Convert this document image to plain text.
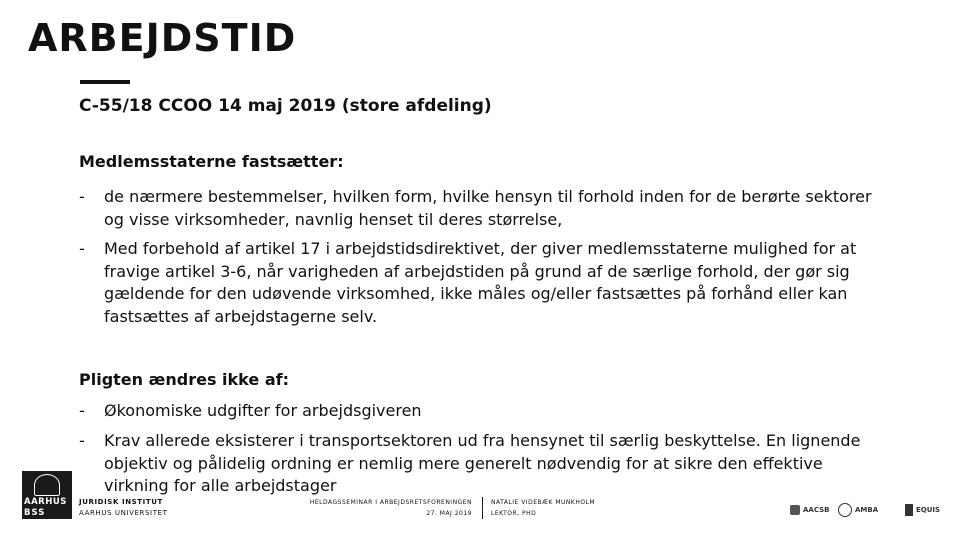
ARBEJDSTID
C-55/18 CCOO 14 maj 2019 (store afdeling)
Medlemsstaterne fastsætter:
- de nærmere bestemmelser, hvilken form, hvilke hensyn til forhold inden for de berørte sektorer og visse virksomheder, navnlig henset til deres størrelse,
- Med forbehold af artikel 17 i arbejdstidsdirektivet, der giver medlemsstaterne mulighed for at fravige artikel 3-6, når varigheden af arbejdstiden på grund af de særlige forhold, der gør sig gældende for den udøvende virksomhed, ikke måles og/eller fastsættes på forhånd eller kan fastsættes af arbejdstagerne selv.
Pligten ændres ikke af:
- Økonomiske udgifter for arbejdsgiveren
- Krav allerede eksisterer i transportsektoren ud fra hensynet til særlig beskyttelse. En lignende objektiv og pålidelig ordning er nemlig mere generelt nødvendig for at sikre den effektive virkning for alle arbejdstager
AARHUS
BSS
JURIDISK INSTITUT
AARHUS UNIVERSITET
HELDAGSSEMINAR I ARBEJDSRETSFORENINGEN
27. MAJ 2019
NATALIE VIDEBÆK MUNKHOLM
LEKTOR, PHD	AACSB	AMBA	EQUIS
